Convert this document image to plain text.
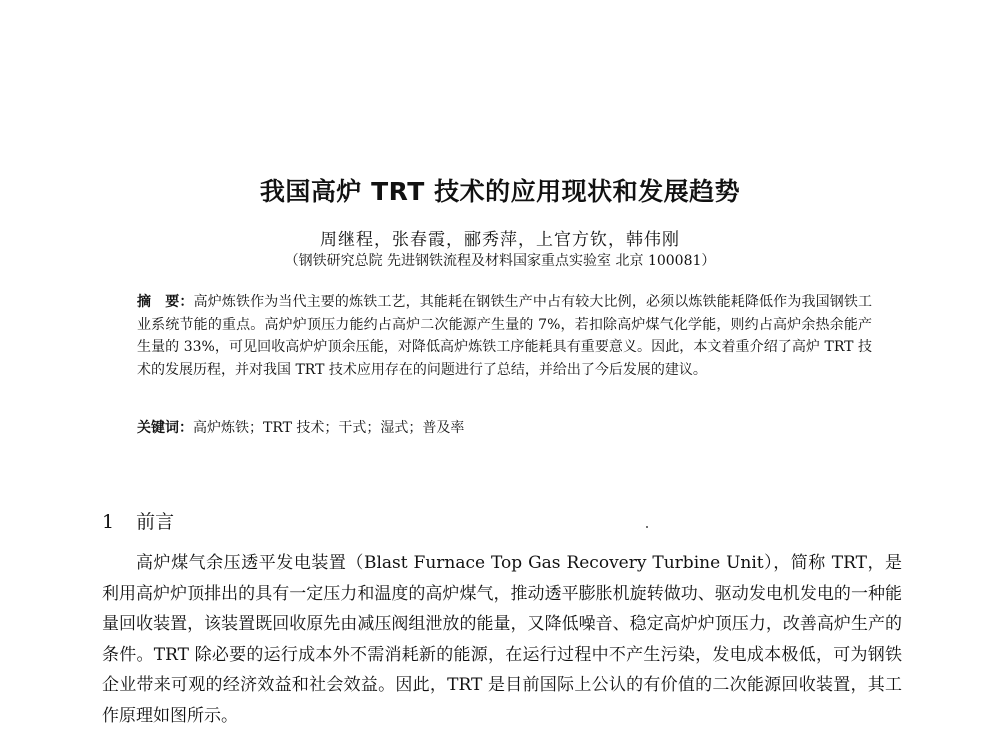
我国高炉 TRT 技术的应用现状和发展趋势
周继程，张春霞，郦秀萍，上官方钦，韩伟刚
（钢铁研究总院 先进钢铁流程及材料国家重点实验室 北京 100081）

摘　要：高炉炼铁作为当代主要的炼铁工艺，其能耗在钢铁生产中占有较大比例，必须以炼铁能耗降低作为我国钢铁工业系统节能的重点。高炉炉顶压力能约占高炉二次能源产生量的 7%，若扣除高炉煤气化学能，则约占高炉余热余能产生量的 33%，可见回收高炉炉顶余压能，对降低高炉炼铁工序能耗具有重要意义。因此，本文着重介绍了高炉 TRT 技术的发展历程，并对我国 TRT 技术应用存在的问题进行了总结，并给出了今后发展的建议。

关键词：高炉炼铁；TRT 技术；干式；湿式；普及率
1 前言

高炉煤气余压透平发电装置（Blast Furnace Top Gas Recovery Turbine Unit），简称 TRT，是利用高炉炉顶排出的具有一定压力和温度的高炉煤气，推动透平膨胀机旋转做功、驱动发电机发电的一种能量回收装置，该装置既回收原先由减压阀组泄放的能量，又降低噪音、稳定高炉炉顶压力，改善高炉生产的条件。TRT 除必要的运行成本外不需消耗新的能源，在运行过程中不产生污染，发电成本极低，可为钢铁企业带来可观的经济效益和社会效益。因此，TRT 是目前国际上公认的有价值的二次能源回收装置，其工作原理如图所示。
